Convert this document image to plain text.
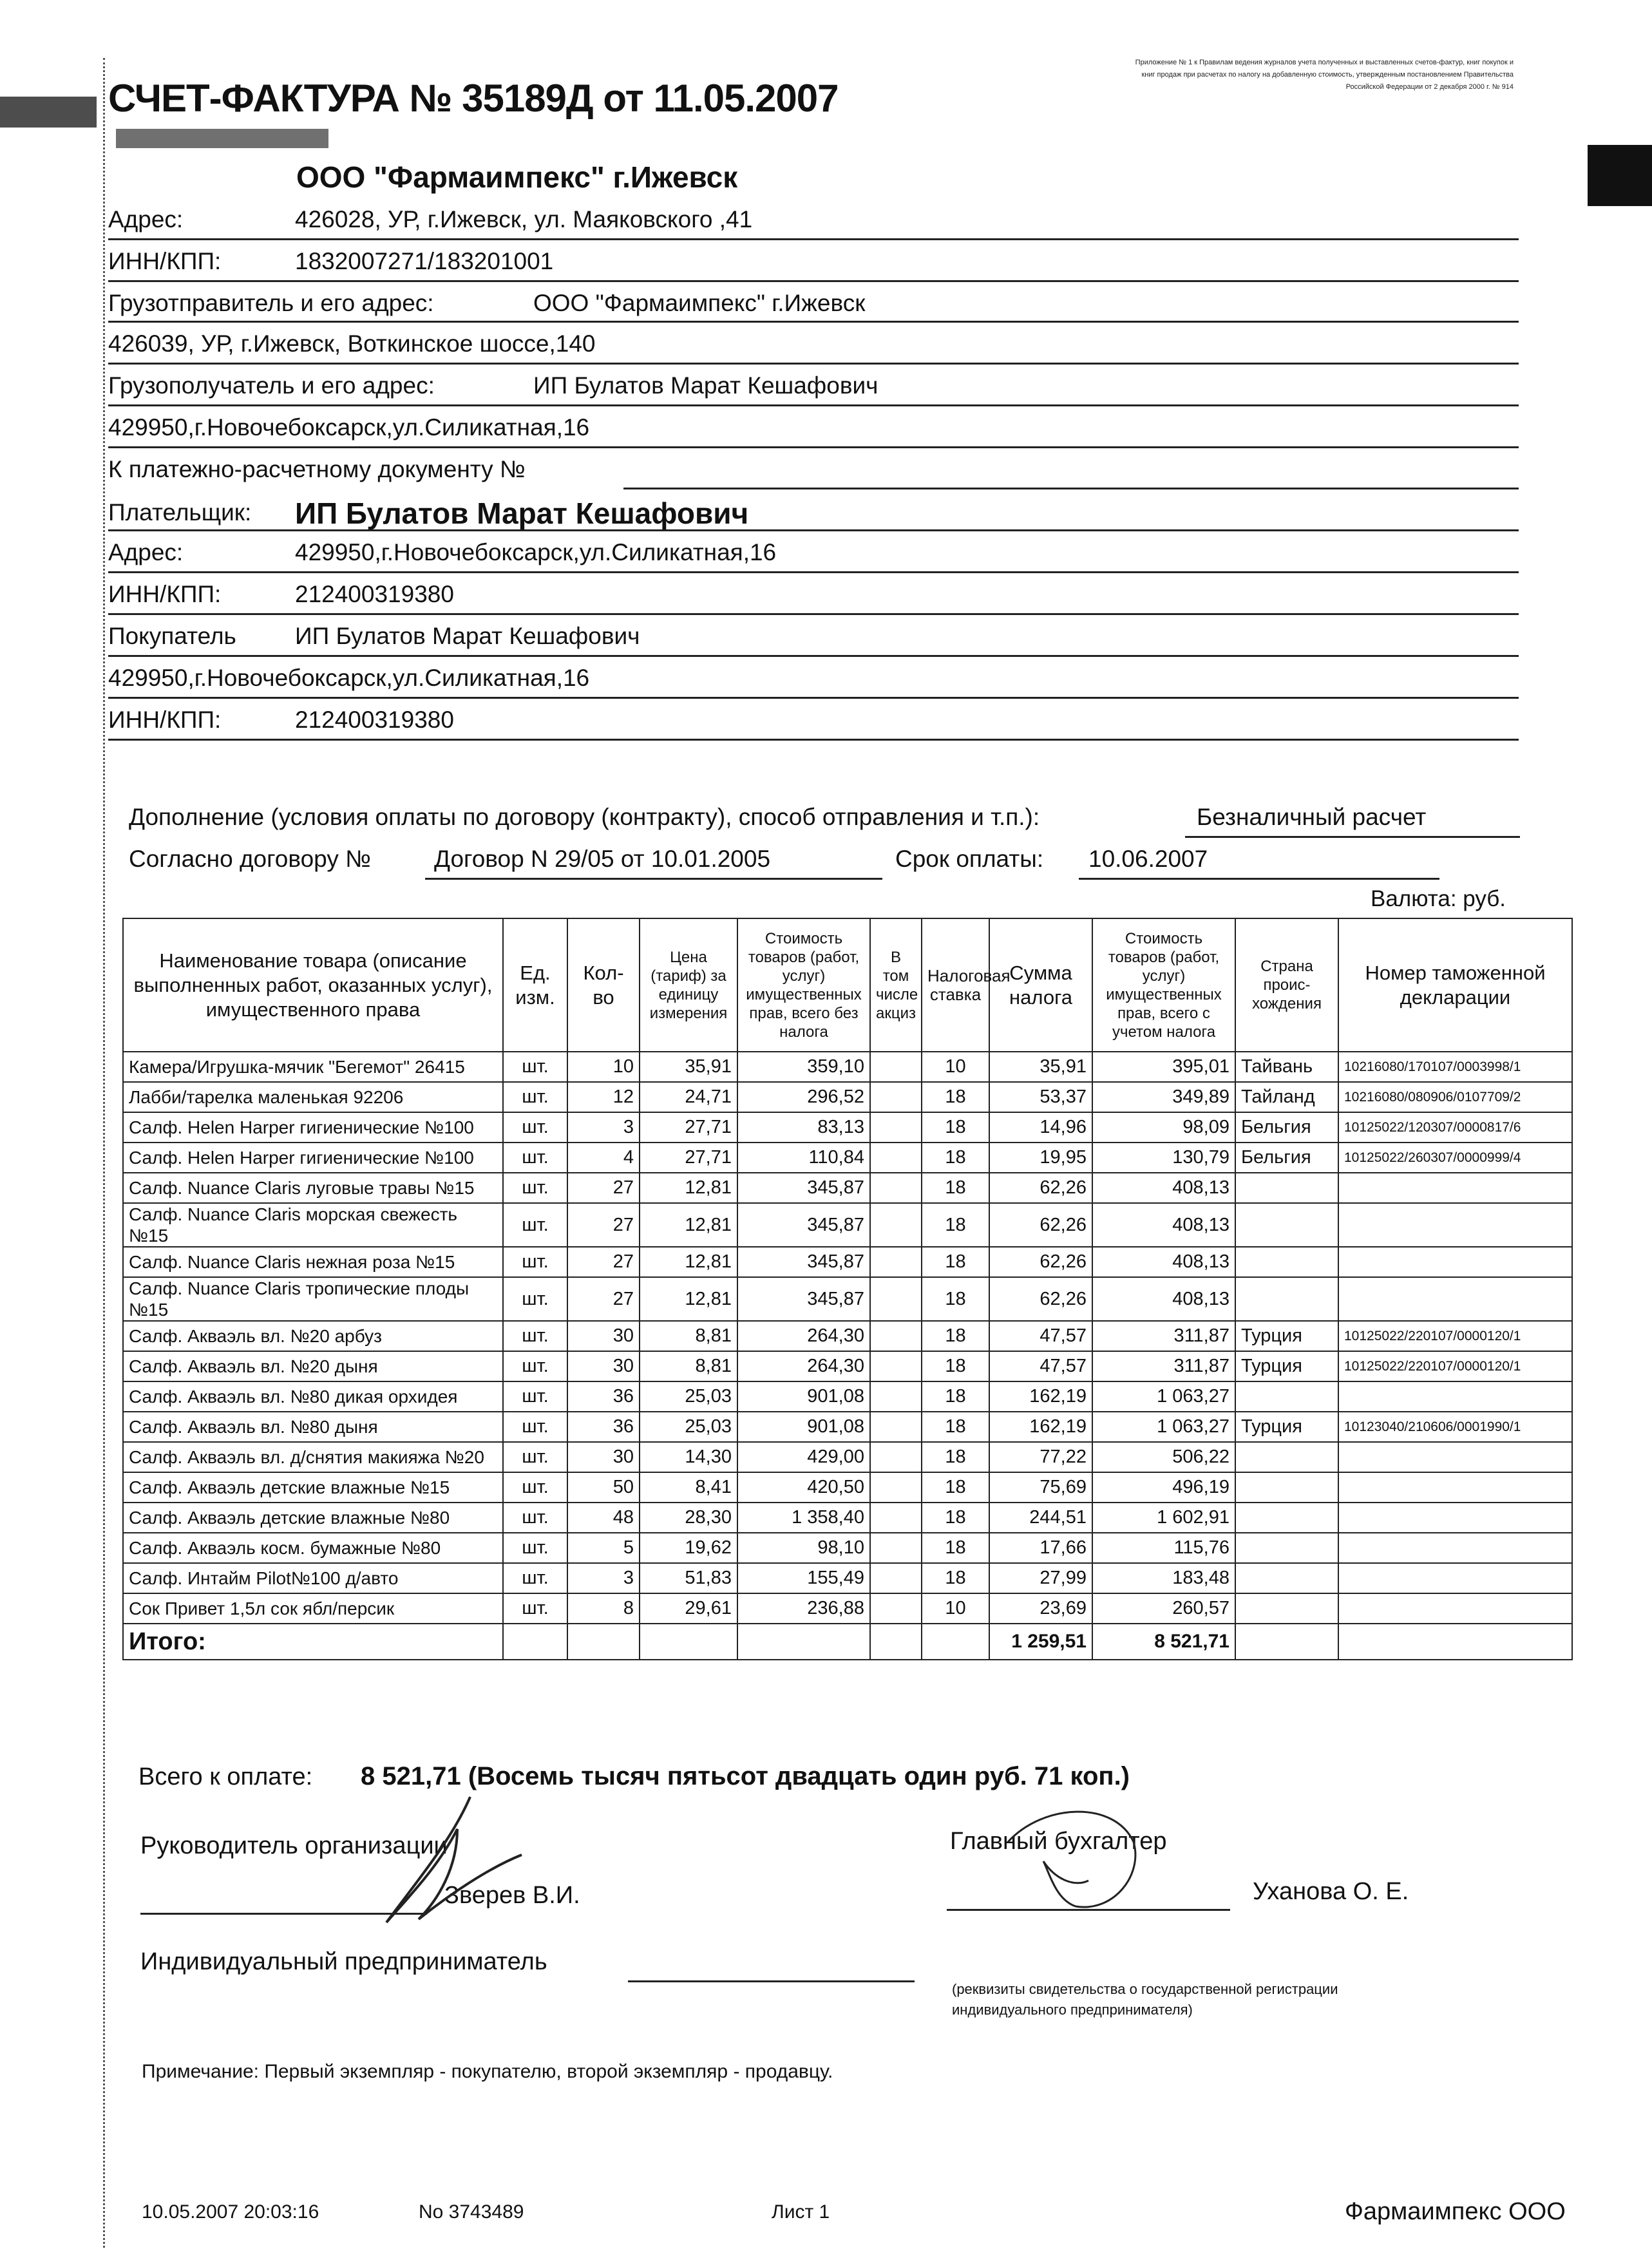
СЧЕТ-ФАКТУРА № 35189Д от 11.05.2007
Приложение № 1 к Правилам ведения журналов учета полученных и выставленных счетов-фактур, книг покупок и книг продаж при расчетах по налогу на добавленную стоимость, утвержденным постановлением Правительства Российской Федерации от 2 декабря 2000 г. № 914
ООО "Фармаимпекс" г.Ижевск
Адрес:	426028, УР, г.Ижевск, ул. Маяковского ,41
ИНН/КПП:	1832007271/183201001
Грузотправитель и его адрес:	ООО "Фармаимпекс" г.Ижевск
426039, УР, г.Ижевск, Воткинское шоссе,140
Грузополучатель и его адрес:	ИП Булатов Марат Кешафович
429950,г.Новочебоксарск,ул.Силикатная,16
К платежно-расчетному документу №
Плательщик: ИП Булатов Марат Кешафович
Адрес:	429950,г.Новочебоксарск,ул.Силикатная,16
ИНН/КПП:	212400319380
Покупатель ИП Булатов Марат Кешафович
429950,г.Новочебоксарск,ул.Силикатная,16
ИНН/КПП:	212400319380
Дополнение (условия оплаты по договору (контракту), способ отправления и т.п.):	Безналичный расчет
Согласно договору №	Договор N 29/05 от 10.01.2005	Срок оплаты: 10.06.2007
Валюта: руб.
Наименование товара (описание выполненных работ, оказанных услуг), имущественного права	Ед. изм.	Кол-во	Цена (тариф) за единицу измерения	Стоимость товаров (работ, услуг) имущественных прав, всего без налога	В том числе акциз	Налоговая ставка	Сумма налога	Стоимость товаров (работ, услуг) имущественных прав, всего с учетом налога	Страна проис-хождения	Номер таможенной декларации
Камера/Игрушка-мячик "Бегемот" 26415	шт.	10	35,91	359,10		10	35,91	395,01	Тайвань	10216080/170107/0003998/1
Лабби/тарелка маленькая 92206	шт.	12	24,71	296,52		18	53,37	349,89	Тайланд	10216080/080906/0107709/2
Салф. Helen Harper гигиенические №100	шт.	3	27,71	83,13		18	14,96	98,09	Бельгия	10125022/120307/0000817/6
Салф. Helen Harper гигиенические №100	шт.	4	27,71	110,84		18	19,95	130,79	Бельгия	10125022/260307/0000999/4
Салф. Nuance Claris луговые травы №15	шт.	27	12,81	345,87		18	62,26	408,13		
Салф. Nuance Claris морская свежесть №15	шт.	27	12,81	345,87		18	62,26	408,13		
Салф. Nuance Claris нежная роза №15	шт.	27	12,81	345,87		18	62,26	408,13		
Салф. Nuance Claris тропические плоды №15	шт.	27	12,81	345,87		18	62,26	408,13		
Салф. Акваэль вл. №20 арбуз	шт.	30	8,81	264,30		18	47,57	311,87	Турция	10125022/220107/0000120/1
Салф. Акваэль вл. №20 дыня	шт.	30	8,81	264,30		18	47,57	311,87	Турция	10125022/220107/0000120/1
Салф. Акваэль вл. №80 дикая орхидея	шт.	36	25,03	901,08		18	162,19	1 063,27		
Салф. Акваэль вл. №80 дыня	шт.	36	25,03	901,08		18	162,19	1 063,27	Турция	10123040/210606/0001990/1
Салф. Акваэль вл. д/снятия макияжа №20	шт.	30	14,30	429,00		18	77,22	506,22		
Салф. Акваэль детские влажные №15	шт.	50	8,41	420,50		18	75,69	496,19		
Салф. Акваэль детские влажные №80	шт.	48	28,30	1 358,40		18	244,51	1 602,91		
Салф. Акваэль косм. бумажные №80	шт.	5	19,62	98,10		18	17,66	115,76		
Салф. Интайм Pilot№100 д/авто	шт.	3	51,83	155,49		18	27,99	183,48		
Сок Привет 1,5л сок ябл/персик	шт.	8	29,61	236,88		10	23,69	260,57		
Итого:							1 259,51	8 521,71		
Всего к оплате: 8 521,71 (Восемь тысяч пятьсот двадцать один руб. 71 коп.)
Руководитель организации
Зверев В.И.
Главный бухгалтер
Уханова О. Е.
Индивидуальный предприниматель
(реквизиты свидетельства о государственной регистрации индивидуального предпринимателя)
Примечание: Первый экземпляр - покупателю, второй экземпляр - продавцу.
10.05.2007 20:03:16	No 3743489	Лист 1	Фармаимпекс ООО
